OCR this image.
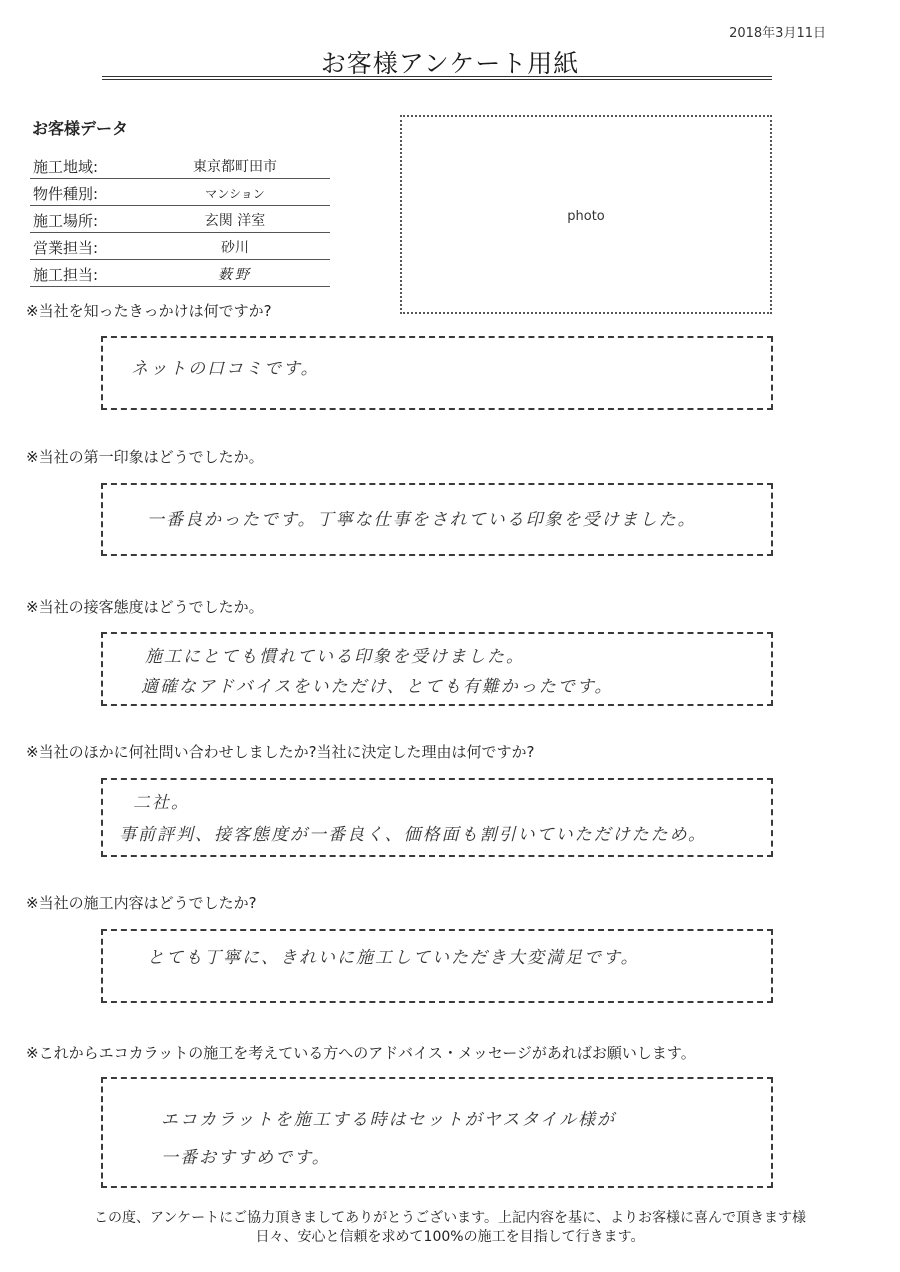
2018年3月11日
お客様アンケート用紙
お客様データ
施工地域:	東京都町田市
物件種別:	マンション
施工場所:	玄関 洋室
営業担当:	砂川
施工担当:	薮野
photo
※当社を知ったきっかけは何ですか?
ネットの口コミです。
※当社の第一印象はどうでしたか。
一番良かったです。丁寧な仕事をされている印象を受けました。
※当社の接客態度はどうでしたか。
施工にとても慣れている印象を受けました。
適確なアドバイスをいただけ、とても有難かったです。
※当社のほかに何社問い合わせしましたか?当社に決定した理由は何ですか?
二社。
事前評判、接客態度が一番良く、価格面も割引いていただけたため。
※当社の施工内容はどうでしたか?
とても丁寧に、きれいに施工していただき大変満足です。
※これからエコカラットの施工を考えている方へのアドバイス・メッセージがあればお願いします。
エコカラットを施工する時はセットがヤスタイル様が
一番おすすめです。
この度、アンケートにご協力頂きましてありがとうございます。上記内容を基に、よりお客様に喜んで頂きます様
日々、安心と信頼を求めて100%の施工を目指して行きます。
